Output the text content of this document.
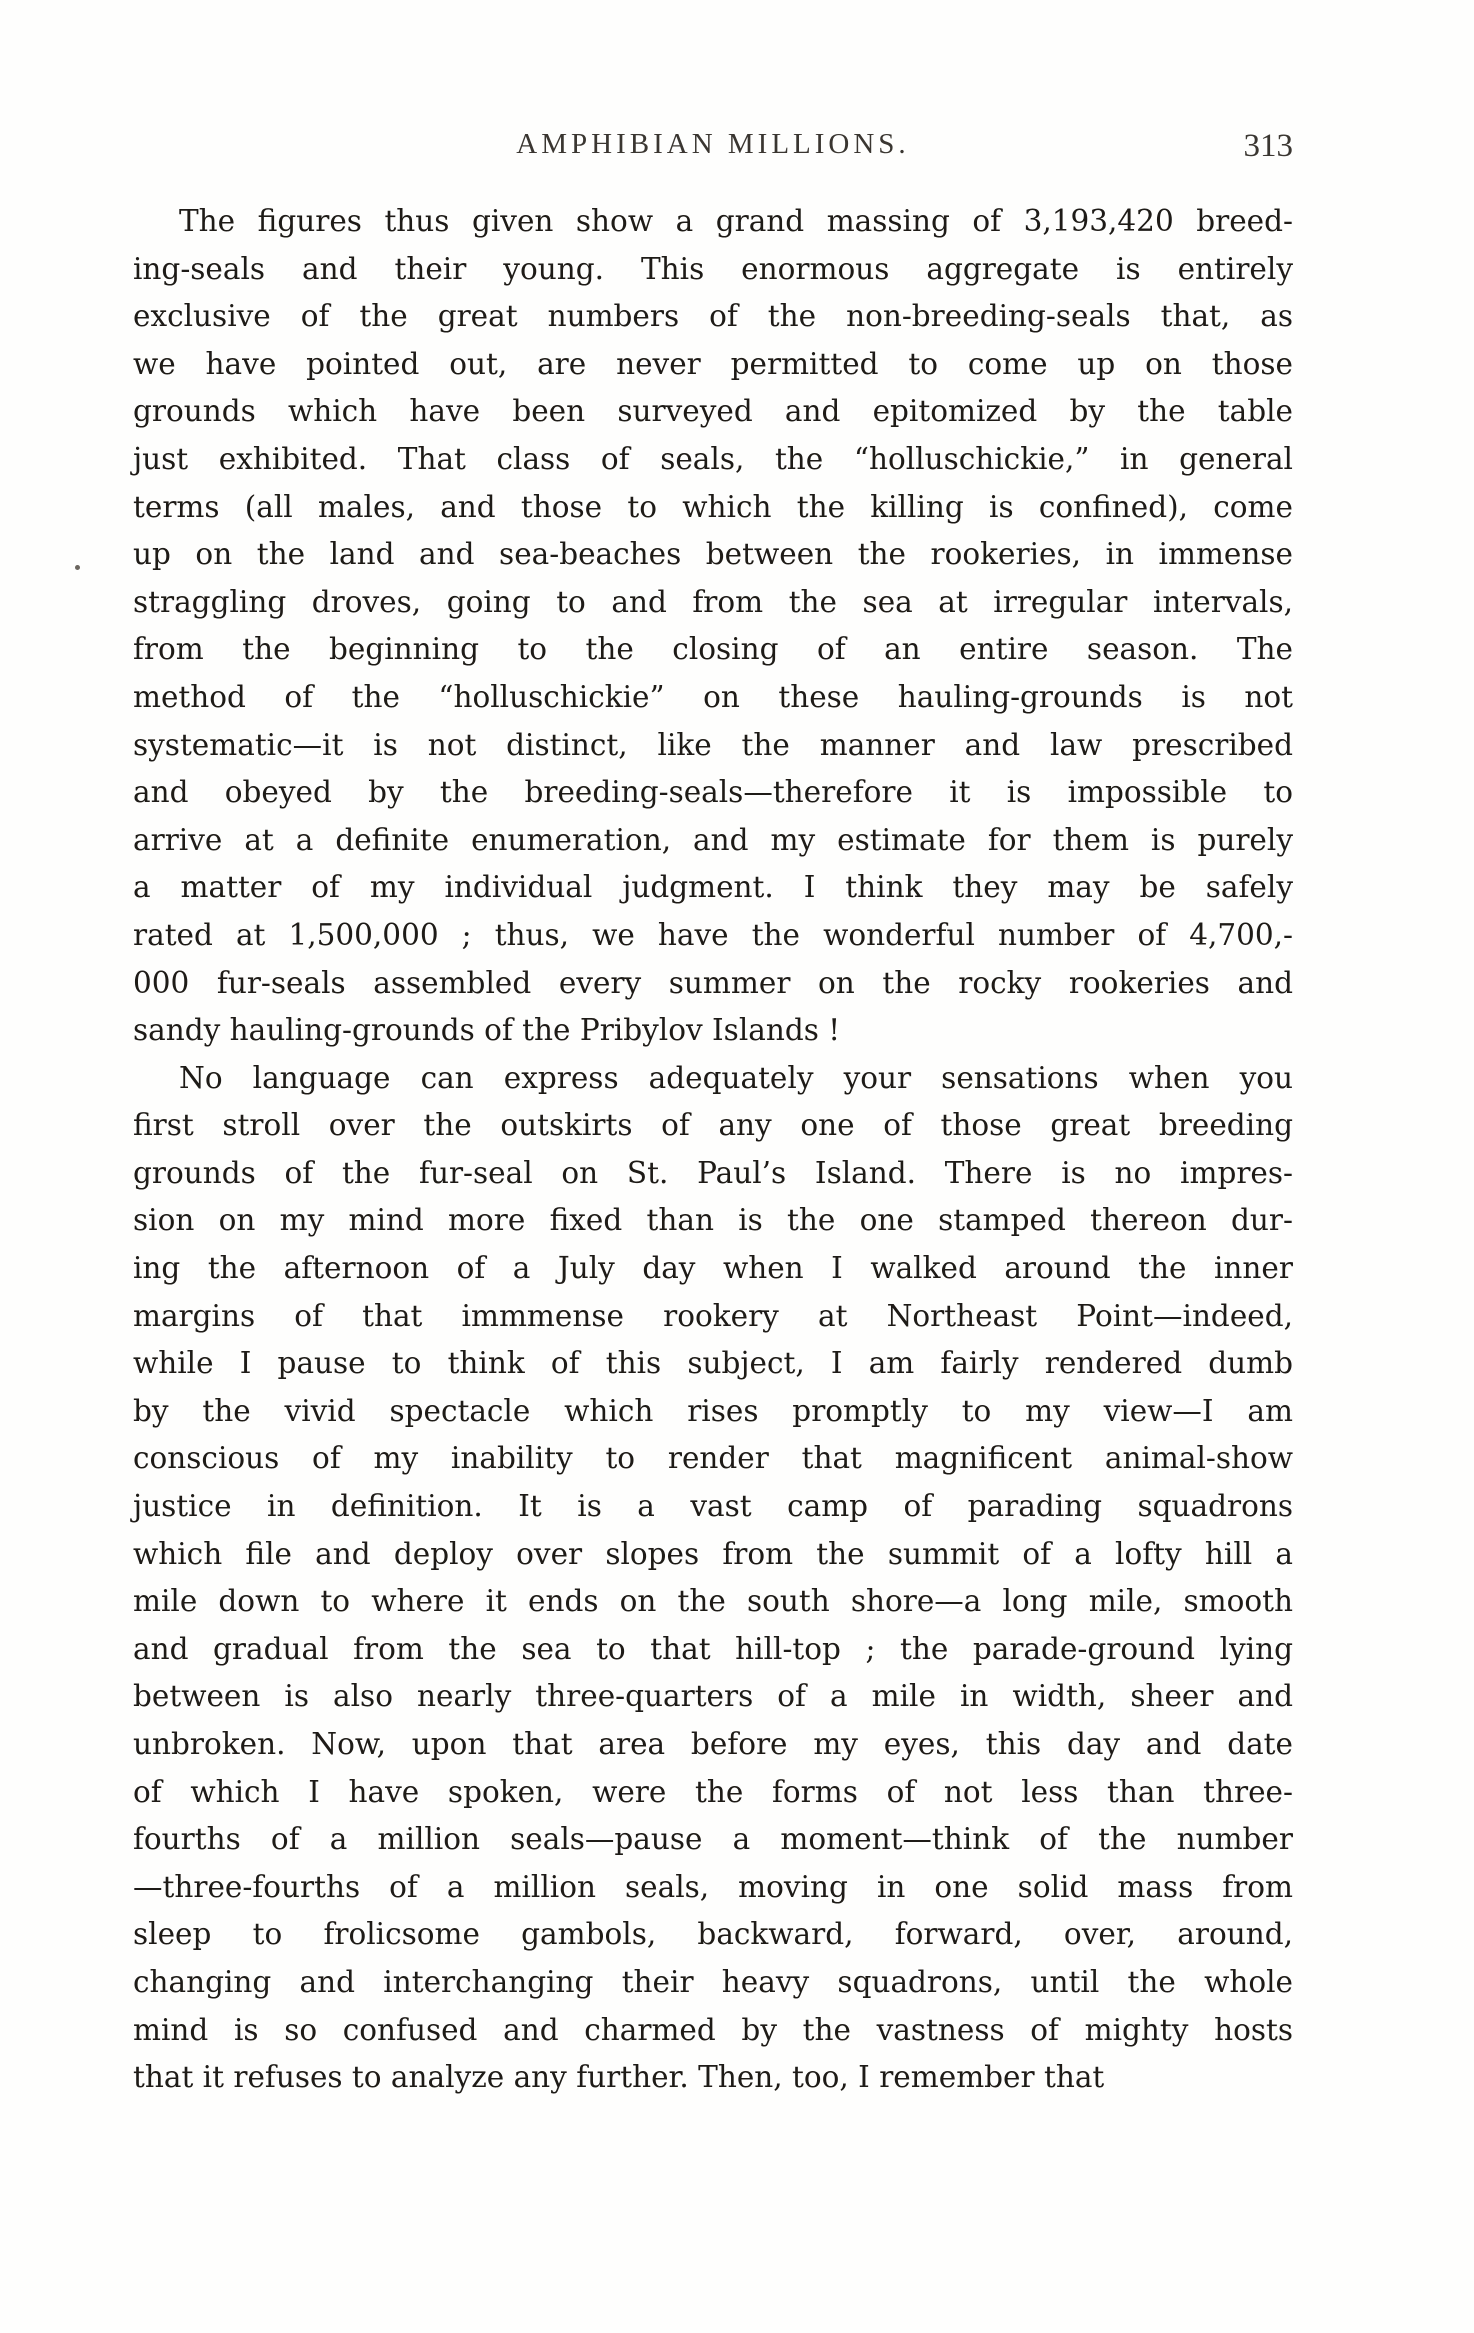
AMPHIBIAN MILLIONS.	313
The figures thus given show a grand massing of 3,193,420 breed-
ing-seals and their young. This enormous aggregate is entirely
exclusive of the great numbers of the non-breeding-seals that, as
we have pointed out, are never permitted to come up on those
grounds which have been surveyed and epitomized by the table
just exhibited. That class of seals, the “holluschickie,” in general
terms (all males, and those to which the killing is confined), come
up on the land and sea-beaches between the rookeries, in immense
straggling droves, going to and from the sea at irregular intervals,
from the beginning to the closing of an entire season. The
method of the “holluschickie” on these hauling-grounds is not
systematic—it is not distinct, like the manner and law prescribed
and obeyed by the breeding-seals—therefore it is impossible to
arrive at a definite enumeration, and my estimate for them is purely
a matter of my individual judgment. I think they may be safely
rated at 1,500,000 ; thus, we have the wonderful number of 4,700,-
000 fur-seals assembled every summer on the rocky rookeries and
sandy hauling-grounds of the Pribylov Islands !
No language can express adequately your sensations when you
first stroll over the outskirts of any one of those great breeding
grounds of the fur-seal on St. Paul’s Island. There is no impres-
sion on my mind more fixed than is the one stamped thereon dur-
ing the afternoon of a July day when I walked around the inner
margins of that immmense rookery at Northeast Point—indeed,
while I pause to think of this subject, I am fairly rendered dumb
by the vivid spectacle which rises promptly to my view—I am
conscious of my inability to render that magnificent animal-show
justice in definition. It is a vast camp of parading squadrons
which file and deploy over slopes from the summit of a lofty hill a
mile down to where it ends on the south shore—a long mile, smooth
and gradual from the sea to that hill-top ; the parade-ground lying
between is also nearly three-quarters of a mile in width, sheer and
unbroken. Now, upon that area before my eyes, this day and date
of which I have spoken, were the forms of not less than three-
fourths of a million seals—pause a moment—think of the number
—three-fourths of a million seals, moving in one solid mass from
sleep to frolicsome gambols, backward, forward, over, around,
changing and interchanging their heavy squadrons, until the whole
mind is so confused and charmed by the vastness of mighty hosts
that it refuses to analyze any further. Then, too, I remember that
